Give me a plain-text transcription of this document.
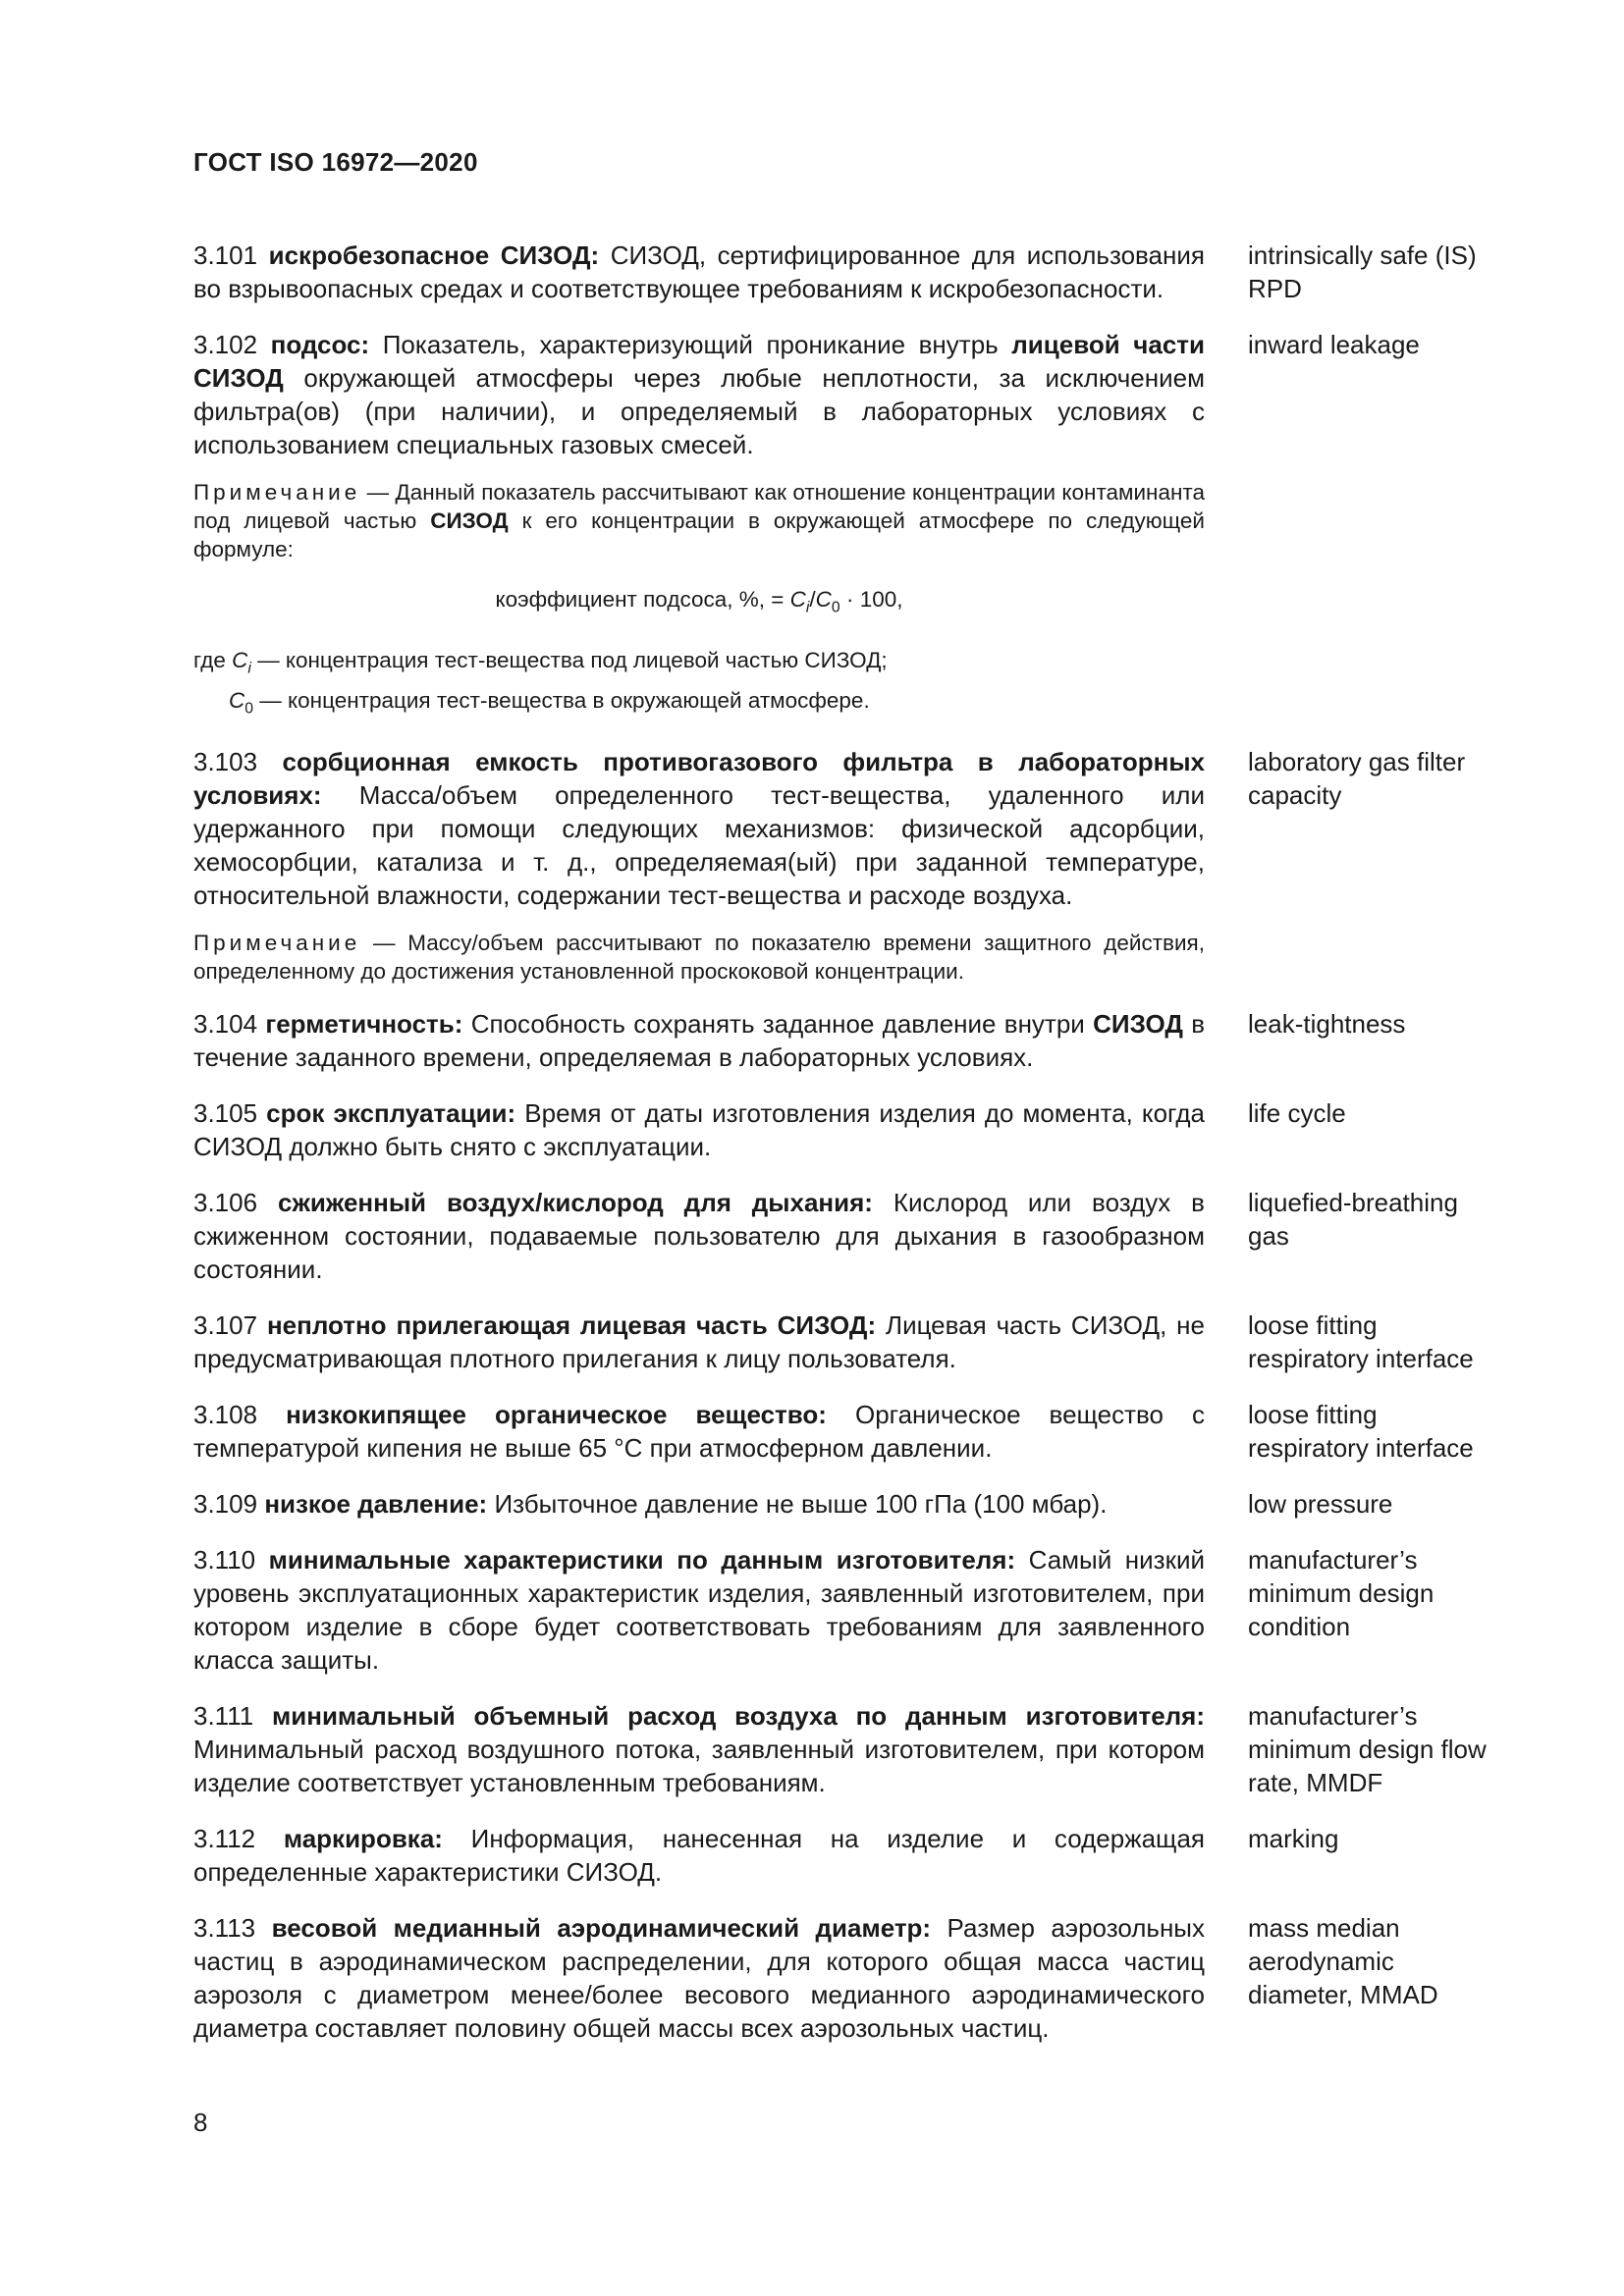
ГОСТ ISO 16972—2020
3.101 искробезопасное СИЗОД: СИЗОД, сертифицированное для использования во взрывоопасных средах и соответствующее требованиям к искробезопасности.
intrinsically safe (IS) RPD
3.102 подсос: Показатель, характеризующий проникание внутрь лицевой части СИЗОД окружающей атмосферы через любые неплотности, за исключением фильтра(ов) (при наличии), и определяемый в лабораторных условиях с использованием специальных газовых смесей.
inward leakage
Примечание — Данный показатель рассчитывают как отношение концентрации контаминанта под лицевой частью СИЗОД к его концентрации в окружающей атмосфере по следующей формуле:
коэффициент подсоса, %, = $C_i/C_0 \cdot 100$,
где $C_i$ — концентрация тест-вещества под лицевой частью СИЗОД;
$C_0$ — концентрация тест-вещества в окружающей атмосфере.
3.103 сорбционная емкость противогазового фильтра в лабораторных условиях: Масса/объем определенного тест-вещества, удаленного или удержанного при помощи следующих механизмов: физической адсорбции, хемосорбции, катализа и т. д., определяемая(ый) при заданной температуре, относительной влажности, содержании тест-вещества и расходе воздуха.
laboratory gas filter capacity
Примечание — Массу/объем рассчитывают по показателю времени защитного действия, определенному до достижения установленной проскоковой концентрации.
3.104 герметичность: Способность сохранять заданное давление внутри СИЗОД в течение заданного времени, определяемая в лабораторных условиях.
leak-tightness
3.105 срок эксплуатации: Время от даты изготовления изделия до момента, когда СИЗОД должно быть снято с эксплуатации.
life cycle
3.106 сжиженный воздух/кислород для дыхания: Кислород или воздух в сжиженном состоянии, подаваемые пользователю для дыхания в газообразном состоянии.
liquefied-breathing gas
3.107 неплотно прилегающая лицевая часть СИЗОД: Лицевая часть СИЗОД, не предусматривающая плотного прилегания к лицу пользователя.
loose fitting respiratory interface
3.108 низкокипящее органическое вещество: Органическое вещество с температурой кипения не выше 65 °С при атмосферном давлении.
loose fitting respiratory interface
3.109 низкое давление: Избыточное давление не выше 100 гПа (100 мбар).	low pressure
3.110 минимальные характеристики по данным изготовителя: Самый низкий уровень эксплуатационных характеристик изделия, заявленный изготовителем, при котором изделие в сборе будет соответствовать требованиям для заявленного класса защиты.
manufacturer’s minimum design condition
3.111 минимальный объемный расход воздуха по данным изготовителя: Минимальный расход воздушного потока, заявленный изготовителем, при котором изделие соответствует установленным требованиям.
manufacturer’s minimum design flow rate, MMDF
3.112 маркировка: Информация, нанесенная на изделие и содержащая определенные характеристики СИЗОД.
marking
3.113 весовой медианный аэродинамический диаметр: Размер аэрозольных частиц в аэродинамическом распределении, для которого общая масса частиц аэрозоля с диаметром менее/более весового медианного аэродинамического диаметра составляет половину общей массы всех аэрозольных частиц.
mass median aerodynamic diameter, MMAD
8
